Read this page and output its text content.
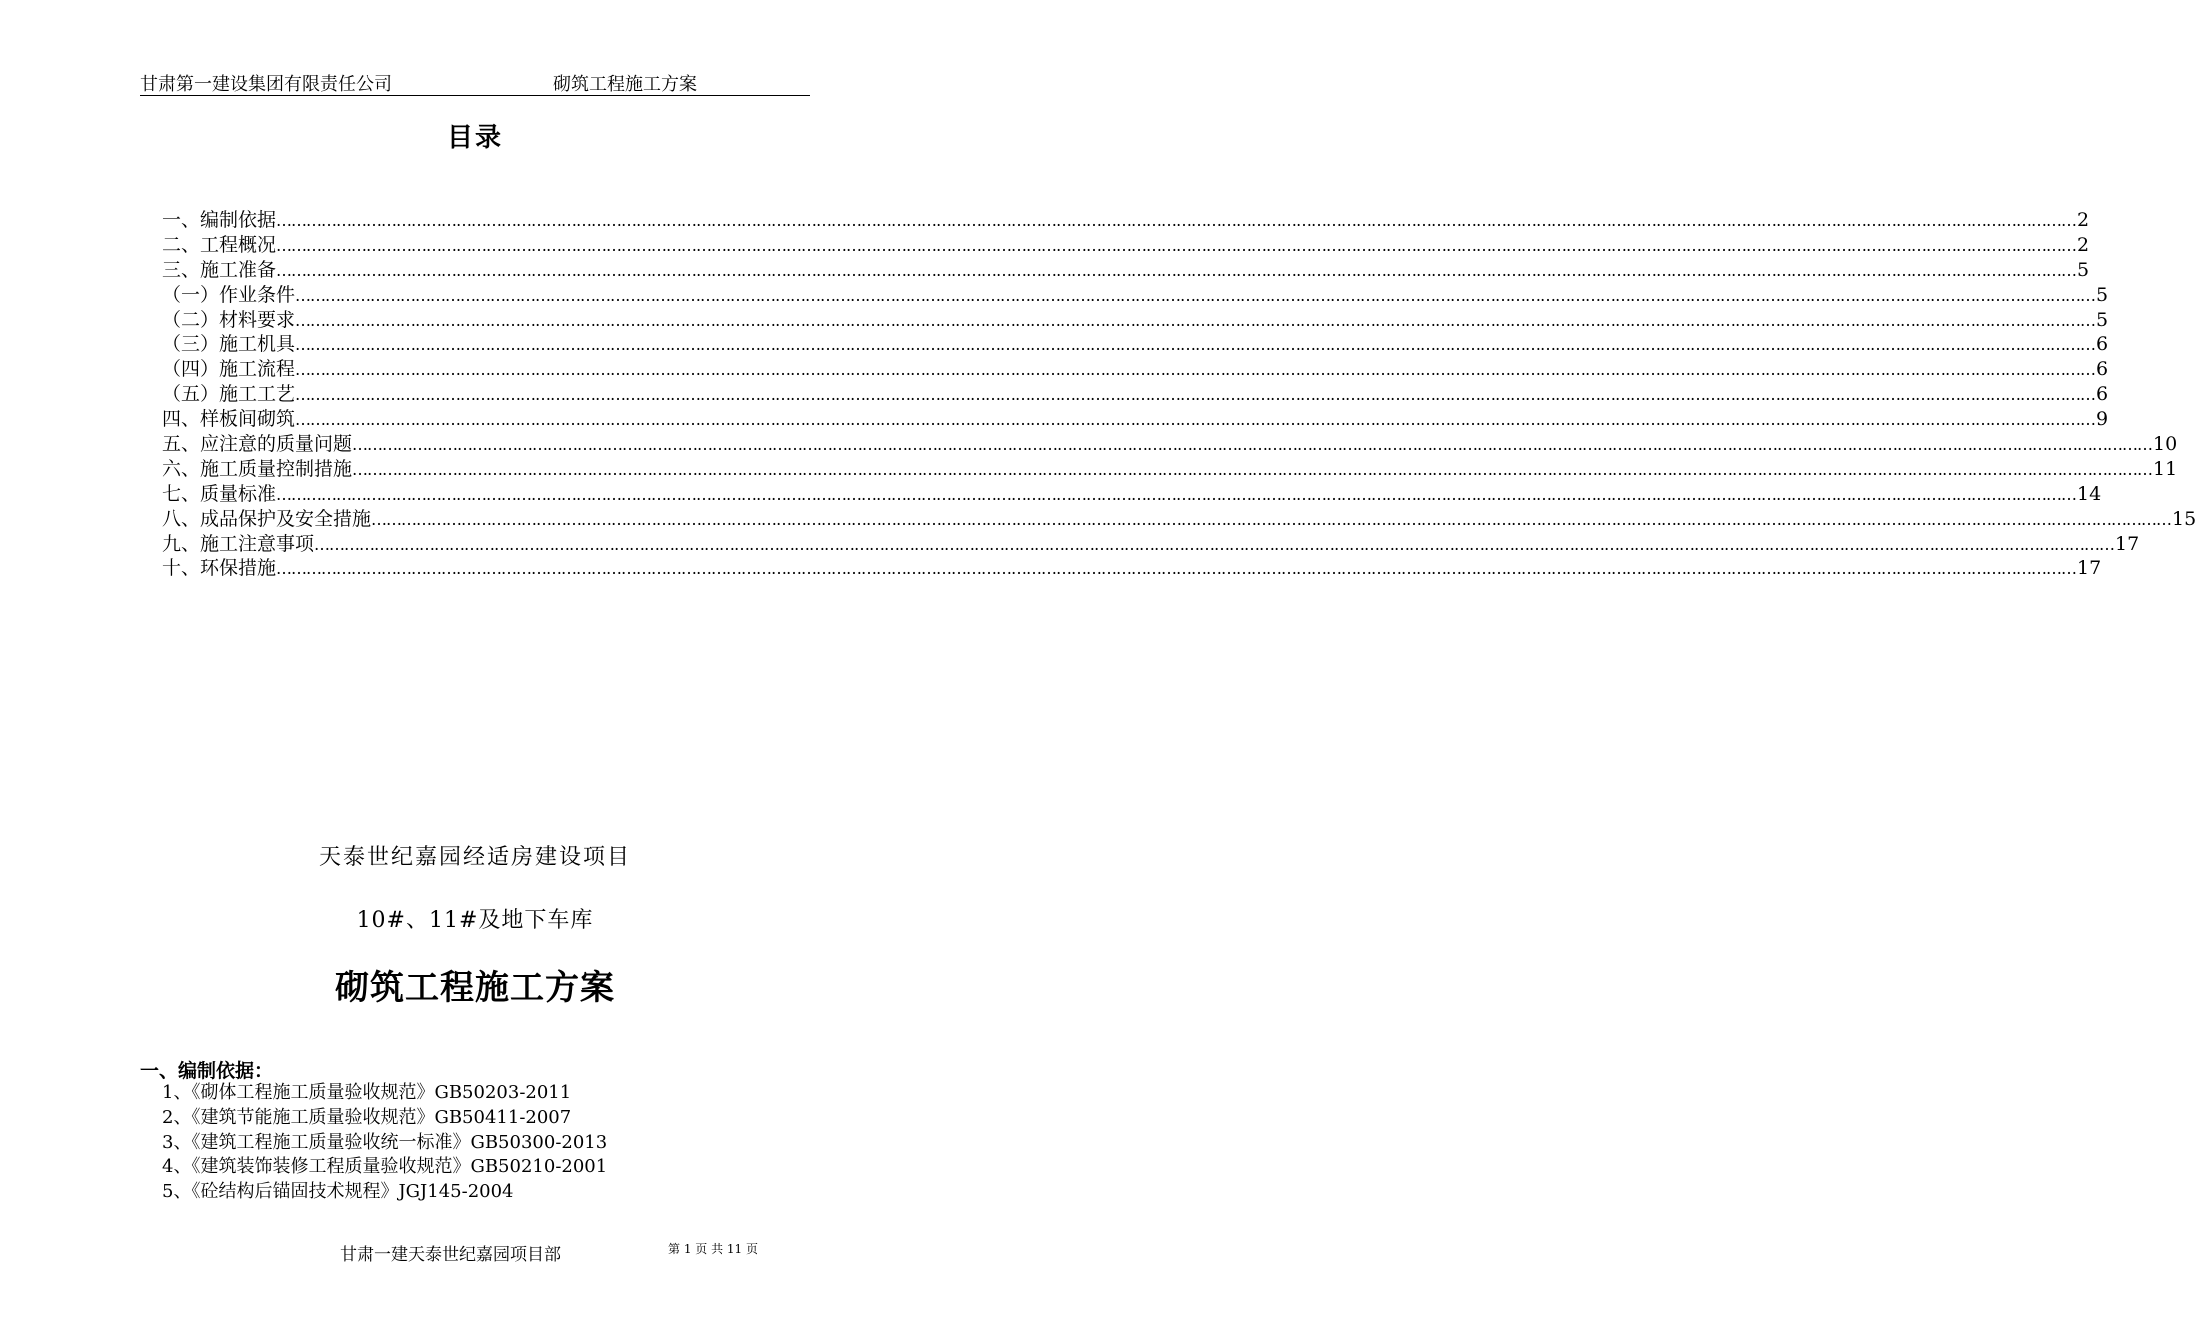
甘肃第一建设集团有限责任公司	砌筑工程施工方案
目录
一、编制依据 ……………………………………………………………………………………………………………………………………………………………………………………………………………………………………………………………………………………………………………………………… 2
二、工程概况 ……………………………………………………………………………………………………………………………………………………………………………………………………………………………………………………………………………………………………………………………… 2
三、施工准备 ……………………………………………………………………………………………………………………………………………………………………………………………………………………………………………………………………………………………………………………………… 5
（一）作业条件 ……………………………………………………………………………………………………………………………………………………………………………………………………………………………………………………………………………………………………………………………… 5
（二）材料要求 ……………………………………………………………………………………………………………………………………………………………………………………………………………………………………………………………………………………………………………………………… 5
（三）施工机具 ……………………………………………………………………………………………………………………………………………………………………………………………………………………………………………………………………………………………………………………………… 6
（四）施工流程 ……………………………………………………………………………………………………………………………………………………………………………………………………………………………………………………………………………………………………………………………… 6
（五）施工工艺 ……………………………………………………………………………………………………………………………………………………………………………………………………………………………………………………………………………………………………………………………… 6
四、样板间砌筑 ……………………………………………………………………………………………………………………………………………………………………………………………………………………………………………………………………………………………………………………………… 9
五、应注意的质量问题 ……………………………………………………………………………………………………………………………………………………………………………………………………………………………………………………………………………………………………………………………… 10
六、施工质量控制措施 ……………………………………………………………………………………………………………………………………………………………………………………………………………………………………………………………………………………………………………………………… 11
七、质量标准 ……………………………………………………………………………………………………………………………………………………………………………………………………………………………………………………………………………………………………………………………… 14
八、成品保护及安全措施 ……………………………………………………………………………………………………………………………………………………………………………………………………………………………………………………………………………………………………………………………… 15
九、施工注意事项 ……………………………………………………………………………………………………………………………………………………………………………………………………………………………………………………………………………………………………………………………… 17
十、环保措施 ……………………………………………………………………………………………………………………………………………………………………………………………………………………………………………………………………………………………………………………………… 17
天泰世纪嘉园经适房建设项目
10#、11#及地下车库
砌筑工程施工方案
一、编制依据：
1、《砌体工程施工质量验收规范》GB50203-2011
2、《建筑节能施工质量验收规范》GB50411-2007
3、《建筑工程施工质量验收统一标准》GB50300-2013
4、《建筑装饰装修工程质量验收规范》GB50210-2001
5、《砼结构后锚固技术规程》JGJ145-2004
甘肃一建天泰世纪嘉园项目部	第 1 页 共 11 页
